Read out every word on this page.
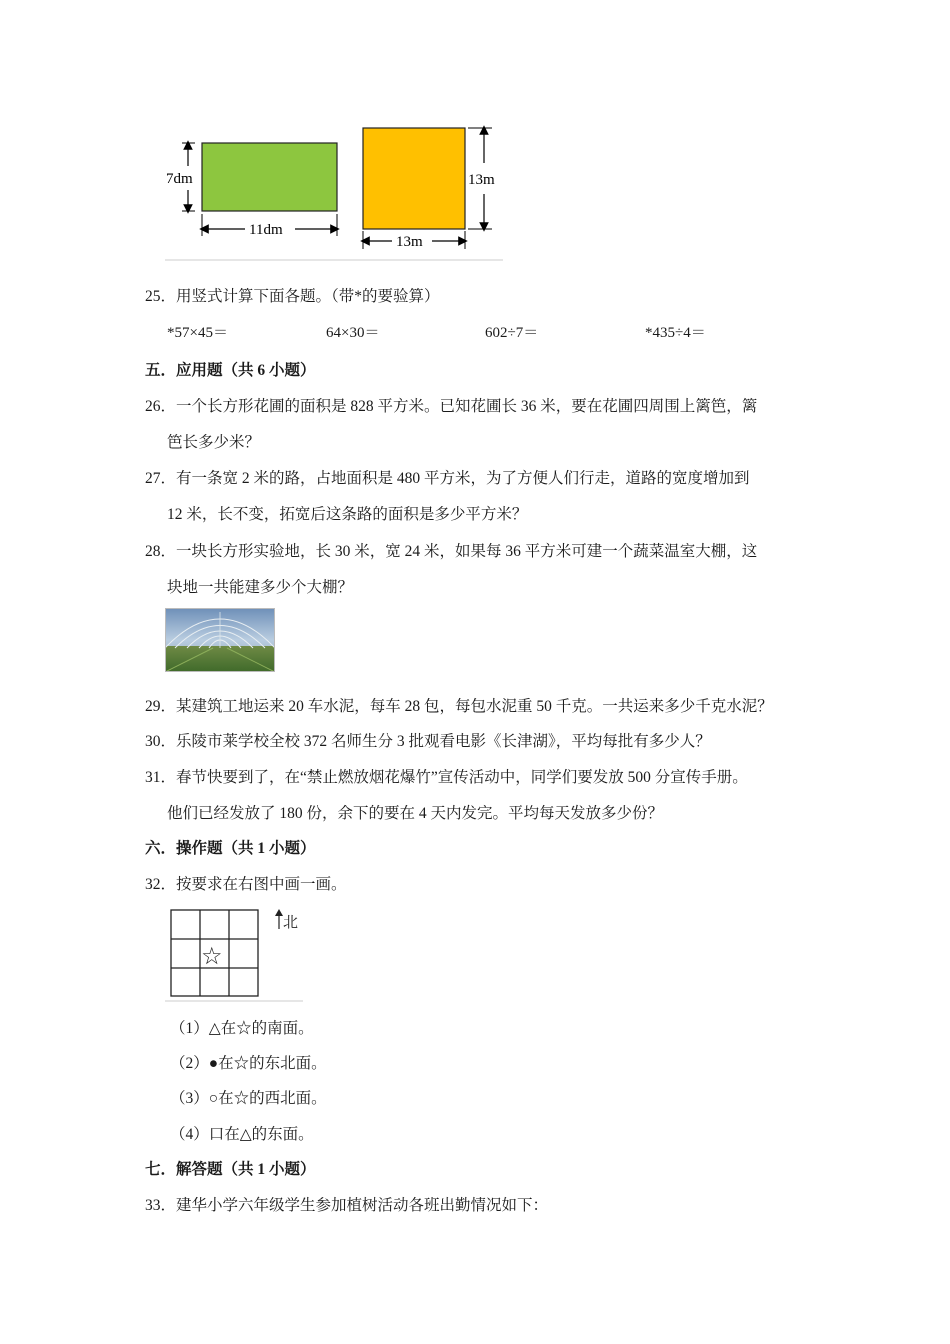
7dm
11dm
13m
13m
25．用竖式计算下面各题。（带*的要验算）
*57×45＝	64×30＝	602÷7＝	*435÷4＝
五．应用题（共 6 小题）
26．一个长方形花圃的面积是 828 平方米。已知花圃长 36 米，要在花圃四周围上篱笆，篱
笆长多少米？
27．有一条宽 2 米的路，占地面积是 480 平方米，为了方便人们行走，道路的宽度增加到
12 米，长不变，拓宽后这条路的面积是多少平方米？
28．一块长方形实验地，长 30 米，宽 24 米，如果每 36 平方米可建一个蔬菜温室大棚，这
块地一共能建多少个大棚？
29．某建筑工地运来 20 车水泥，每车 28 包，每包水泥重 50 千克。一共运来多少千克水泥？
30．乐陵市莱学校全校 372 名师生分 3 批观看电影《长津湖》，平均每批有多少人？
31．春节快要到了，在“禁止燃放烟花爆竹”宣传活动中，同学们要发放 500 分宣传手册。
他们已经发放了 180 份，余下的要在 4 天内发完。平均每天发放多少份？
六．操作题（共 1 小题）
32．按要求在右图中画一画。
☆
北
（1）△在☆的南面。
（2）●在☆的东北面。
（3）○在☆的西北面。
（4）口在△的东面。
七．解答题（共 1 小题）
33．建华小学六年级学生参加植树活动各班出勤情况如下：
